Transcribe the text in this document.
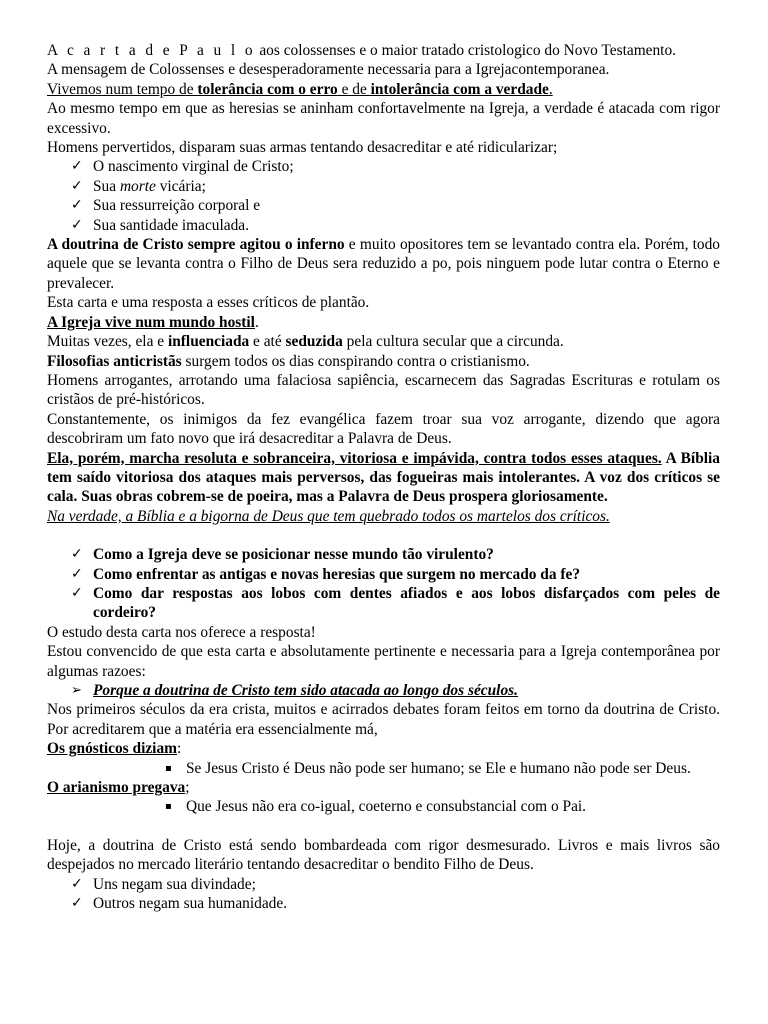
A c a r t a d e P a u l o aos colossenses e o maior tratado cristologico do Novo Testamento.

A mensagem de Colossenses e desesperadoramente necessaria para a Igrejacontemporanea.

Vivemos num tempo de tolerância com o erro e de intolerância com a verdade.

Ao mesmo tempo em que as heresias se aninham confortavelmente na Igreja, a verdade é atacada com rigor excessivo.

Homens pervertidos, disparam suas armas tentando desacreditar e até ridicularizar;

✓ O nascimento virginal de Cristo;
✓ Sua morte vicária;
✓ Sua ressurreição corporal e
✓ Sua santidade imaculada.

A doutrina de Cristo sempre agitou o inferno e muito opositores tem se levantado contra ela. Porém, todo aquele que se levanta contra o Filho de Deus sera reduzido a po, pois ninguem pode lutar contra o Eterno e prevalecer.

Esta carta e uma resposta a esses críticos de plantão.

A Igreja vive num mundo hostil.

Muitas vezes, ela e influenciada e até seduzida pela cultura secular que a circunda.

Filosofias anticristãs surgem todos os dias conspirando contra o cristianismo.

Homens arrogantes, arrotando uma falaciosa sapiência, escarnecem das Sagradas Escrituras e rotulam os cristãos de pré-históricos.

Constantemente, os inimigos da fez evangélica fazem troar sua voz arrogante, dizendo que agora descobriram um fato novo que irá desacreditar a Palavra de Deus.

Ela, porém, marcha resoluta e sobranceira, vitoriosa e impávida, contra todos esses ataques. A Bíblia tem saído vitoriosa dos ataques mais perversos, das fogueiras mais intolerantes. A voz dos críticos se cala. Suas obras cobrem-se de poeira, mas a Palavra de Deus prospera gloriosamente.

Na verdade, a Bíblia e a bigorna de Deus que tem quebrado todos os martelos dos críticos.

✓ Como a Igreja deve se posicionar nesse mundo tão virulento?
✓ Como enfrentar as antigas e novas heresias que surgem no mercado da fe?
✓ Como dar respostas aos lobos com dentes afiados e aos lobos disfarçados com peles de cordeiro?

O estudo desta carta nos oferece a resposta!

Estou convencido de que esta carta e absolutamente pertinente e necessaria para a Igreja contemporânea por algumas razoes:

➢ Porque a doutrina de Cristo tem sido atacada ao longo dos séculos.

Nos primeiros séculos da era crista, muitos e acirrados debates foram feitos em torno da doutrina de Cristo. Por acreditarem que a matéria era essencialmente má,

Os gnósticos diziam:

▪ Se Jesus Cristo é Deus não pode ser humano; se Ele e humano não pode ser Deus.

O arianismo pregava;

▪ Que Jesus não era co-igual, coeterno e consubstancial com o Pai.

Hoje, a doutrina de Cristo está sendo bombardeada com rigor desmesurado. Livros e mais livros são despejados no mercado literário tentando desacreditar o bendito Filho de Deus.

✓ Uns negam sua divindade;
✓ Outros negam sua humanidade.
